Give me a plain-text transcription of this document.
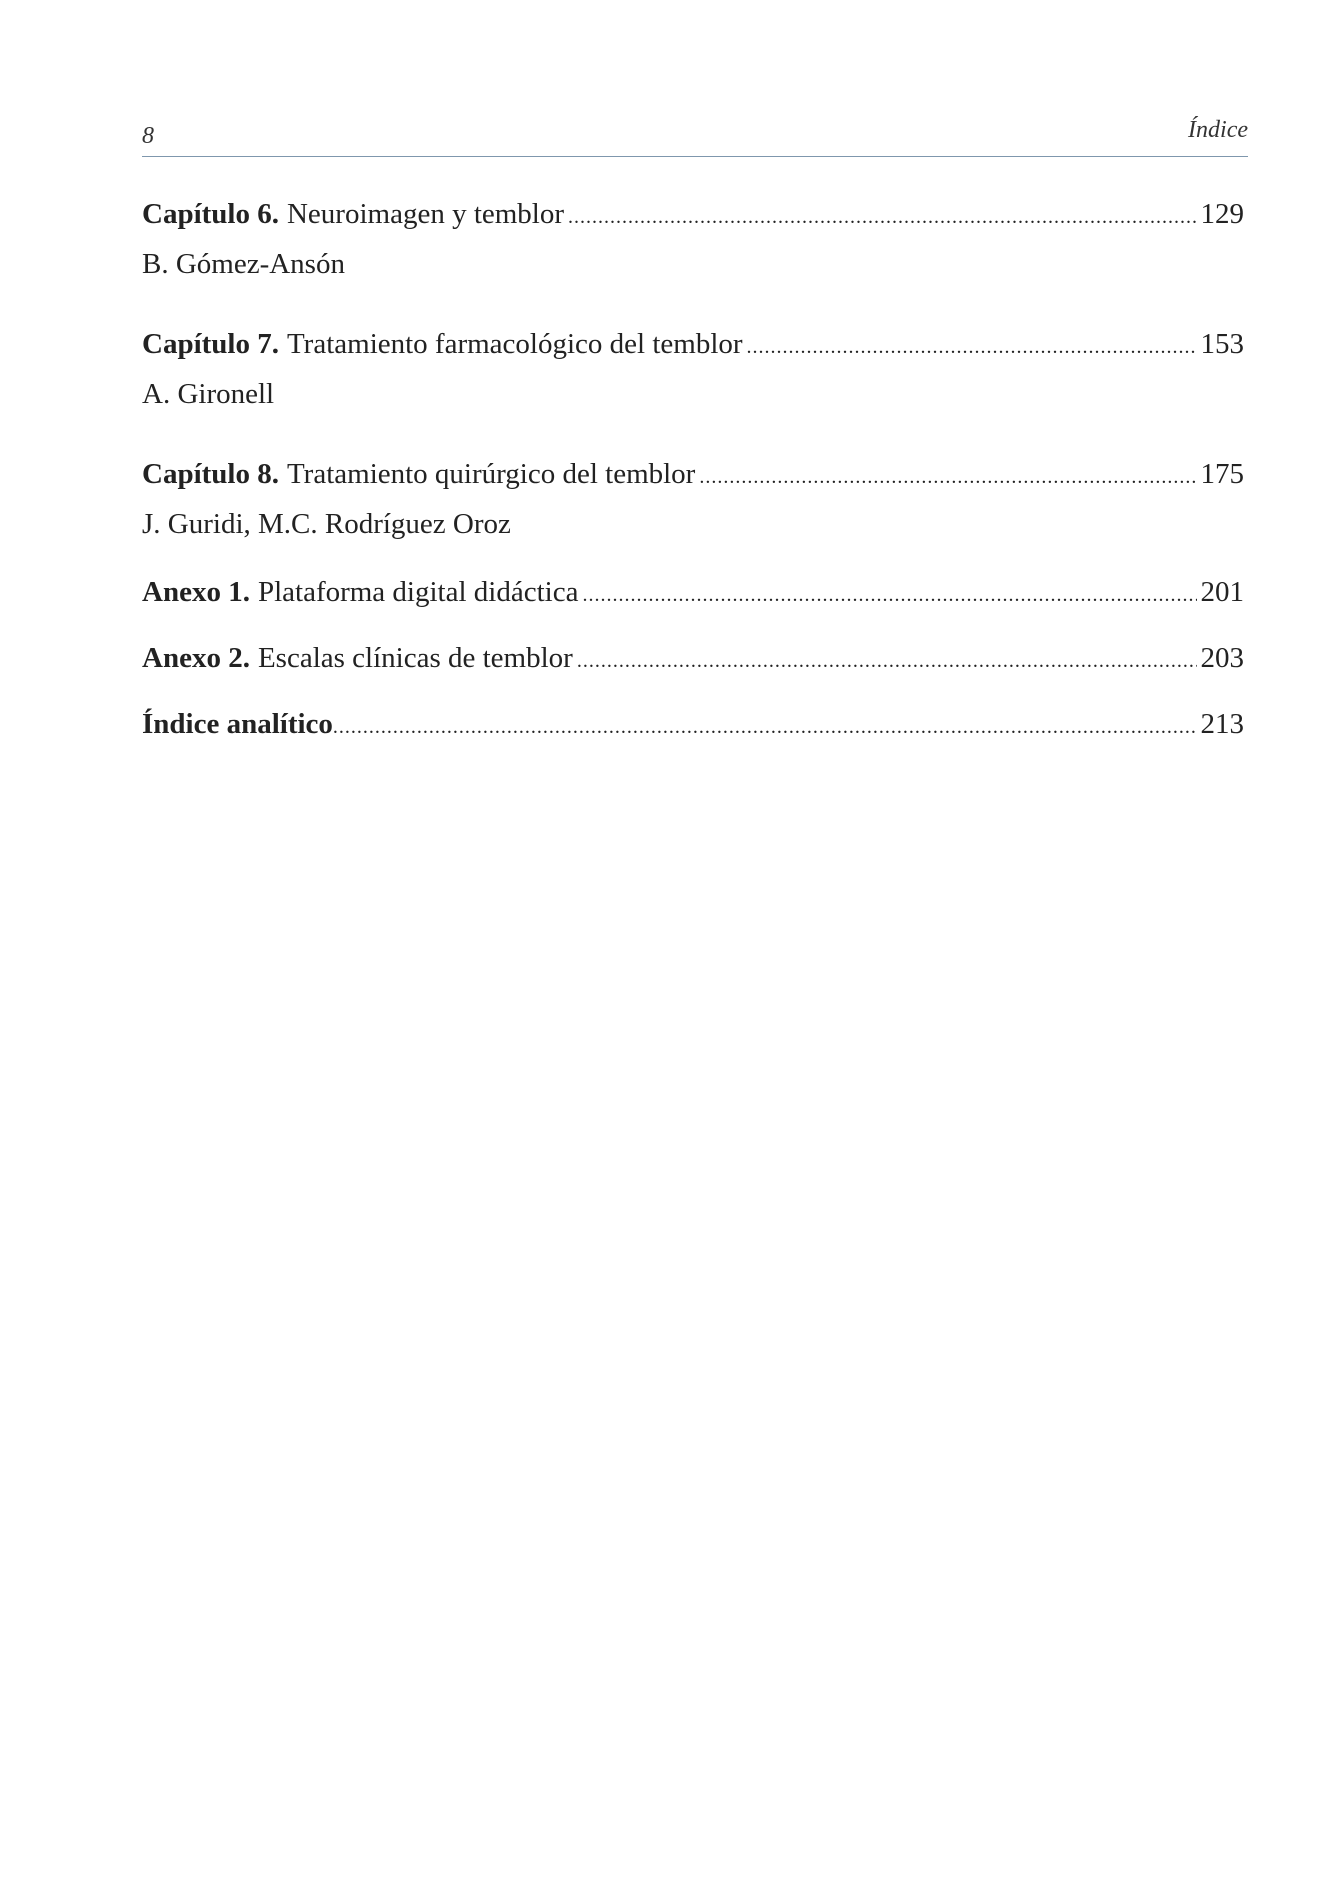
8	Índice
Capítulo 6. Neuroimagen y temblor .....	129
B. Gómez-Ansón
Capítulo 7. Tratamiento farmacológico del temblor .....	153
A. Gironell
Capítulo 8. Tratamiento quirúrgico del temblor .....	175
J. Guridi, M.C. Rodríguez Oroz
Anexo 1. Plataforma digital didáctica .....	201
Anexo 2. Escalas clínicas de temblor .....	203
Índice analítico .....	213
